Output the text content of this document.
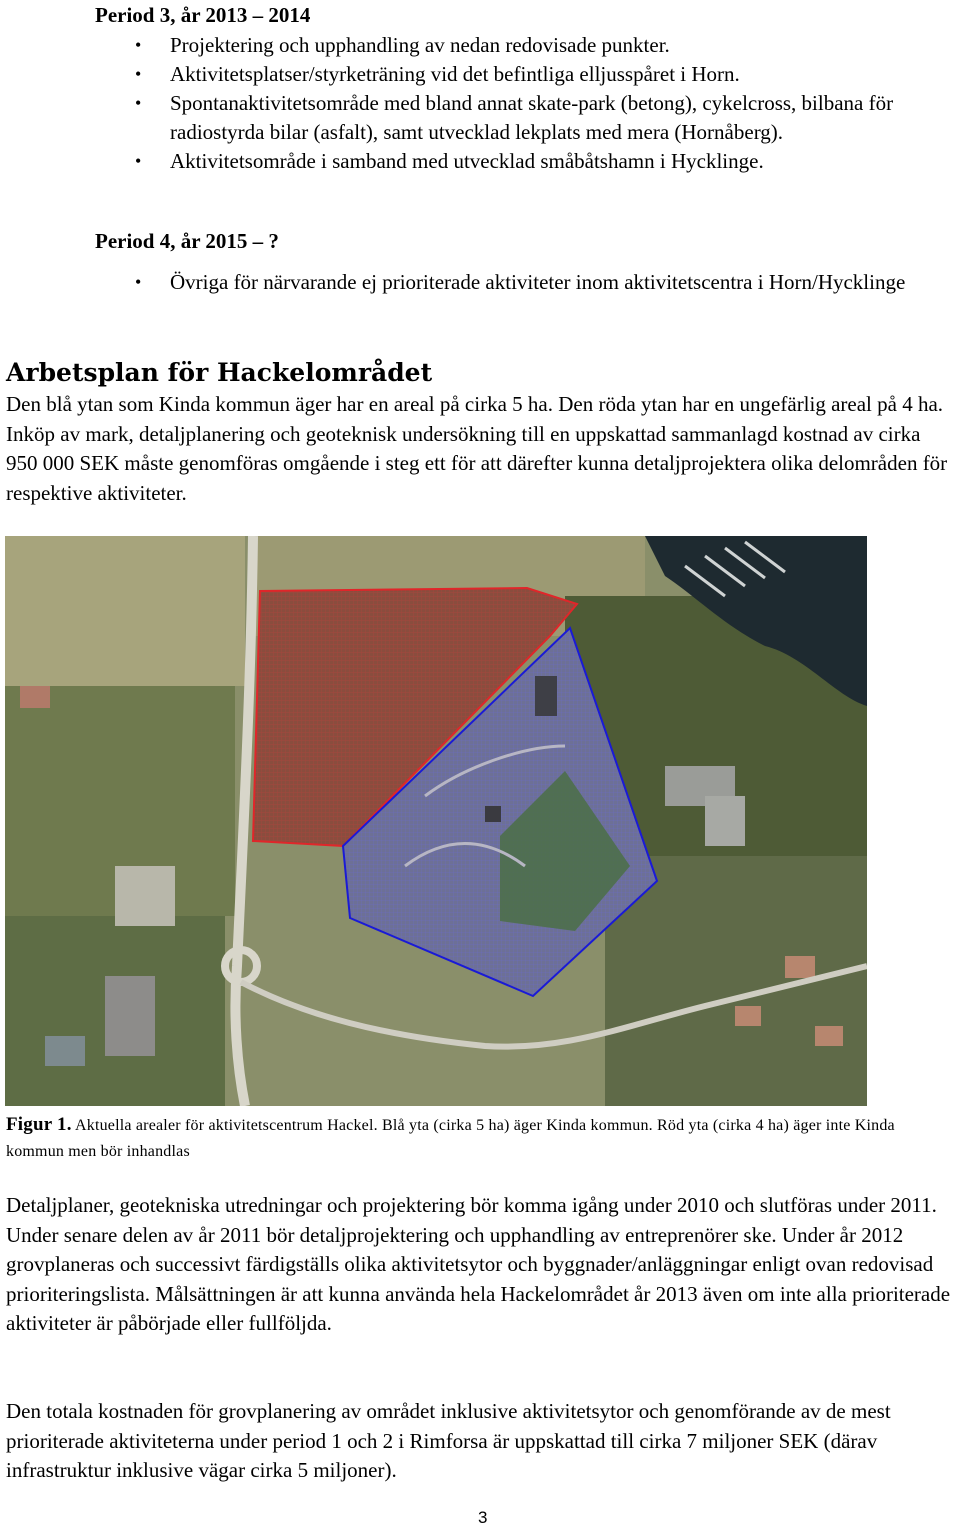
Period 3, år 2013 – 2014
• Projektering och upphandling av nedan redovisade punkter.
• Aktivitetsplatser/styrketräning vid det befintliga elljusspåret i Horn.
• Spontanaktivitetsområde med bland annat skate-park (betong), cykelcross, bilbana för radiostyrda bilar (asfalt), samt utvecklad lekplats med mera (Hornåberg).
• Aktivitetsområde i samband med utvecklad småbåtshamn i Hycklinge.
Period 4, år 2015 – ?
• Övriga för närvarande ej prioriterade aktiviteter inom aktivitetscentra i Horn/Hycklinge
Arbetsplan för Hackelområdet

Den blå ytan som Kinda kommun äger har en areal på cirka 5 ha. Den röda ytan har en ungefärlig areal på 4 ha. Inköp av mark, detaljplanering och geoteknisk undersökning till en uppskattad sammanlagd kostnad av cirka 950 000 SEK måste genomföras omgående i steg ett för att därefter kunna detaljprojektera olika delområden för respektive aktiviteter.

Figur 1. Aktuella arealer för aktivitetscentrum Hackel. Blå yta (cirka 5 ha) äger Kinda kommun. Röd yta (cirka 4 ha) äger inte Kinda kommun men bör inhandlas

Detaljplaner, geotekniska utredningar och projektering bör komma igång under 2010 och slutföras under 2011. Under senare delen av år 2011 bör detaljprojektering och upphandling av entreprenörer ske. Under år 2012 grovplaneras och successivt färdigställs olika aktivitetsytor och byggnader/anläggningar enligt ovan redovisad prioriteringslista. Målsättningen är att kunna använda hela Hackelområdet år 2013 även om inte alla prioriterade aktiviteter är påbörjade eller fullföljda.

Den totala kostnaden för grovplanering av området inklusive aktivitetsytor och genomförande av de mest prioriterade aktiviteterna under period 1 och 2 i Rimforsa är uppskattad till cirka 7 miljoner SEK (därav infrastruktur inklusive vägar cirka 5 miljoner).

3
